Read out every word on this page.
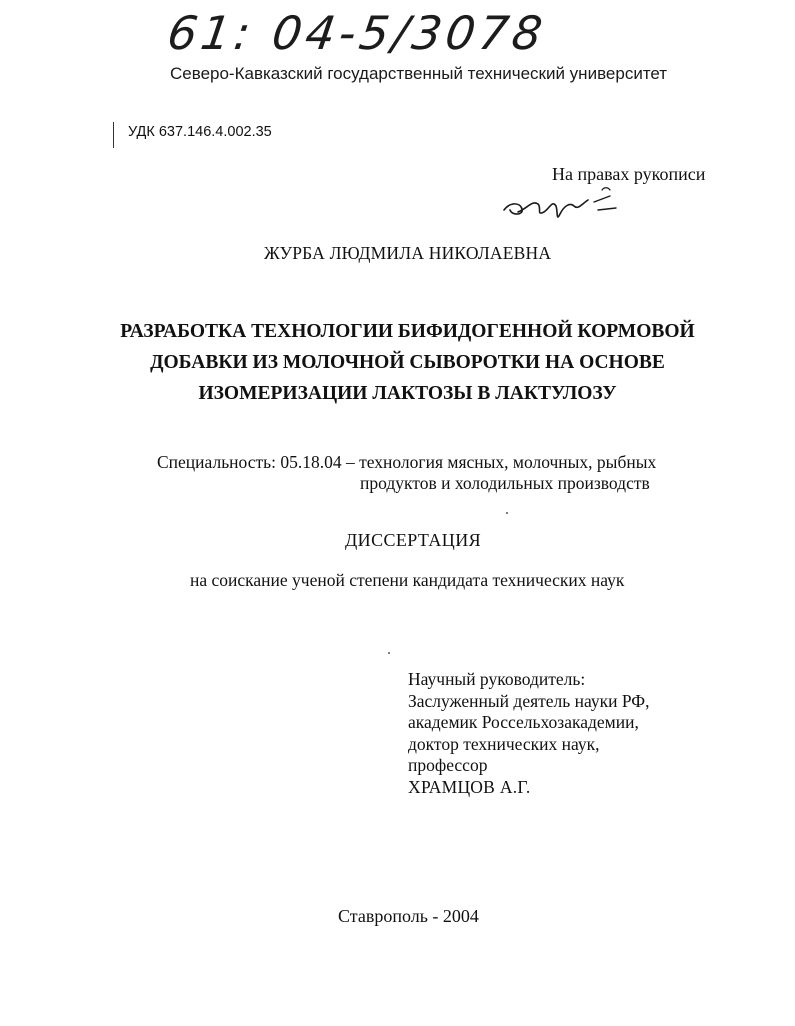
61: 04-5/3078
Северо-Кавказский государственный технический университет
УДК 637.146.4.002.35
На правах рукописи
ЖУРБА ЛЮДМИЛА НИКОЛАЕВНА
РАЗРАБОТКА ТЕХНОЛОГИИ БИФИДОГЕННОЙ КОРМОВОЙ
ДОБАВКИ ИЗ МОЛОЧНОЙ СЫВОРОТКИ НА ОСНОВЕ
ИЗОМЕРИЗАЦИИ ЛАКТОЗЫ В ЛАКТУЛОЗУ
Специальность: 05.18.04 – технология мясных, молочных, рыбных
продуктов и холодильных производств
ДИССЕРТАЦИЯ
на соискание ученой степени кандидата технических наук
Научный руководитель:
Заслуженный деятель науки РФ,
академик Россельхозакадемии,
доктор технических наук,
профессор
ХРАМЦОВ А.Г.
Ставрополь - 2004
